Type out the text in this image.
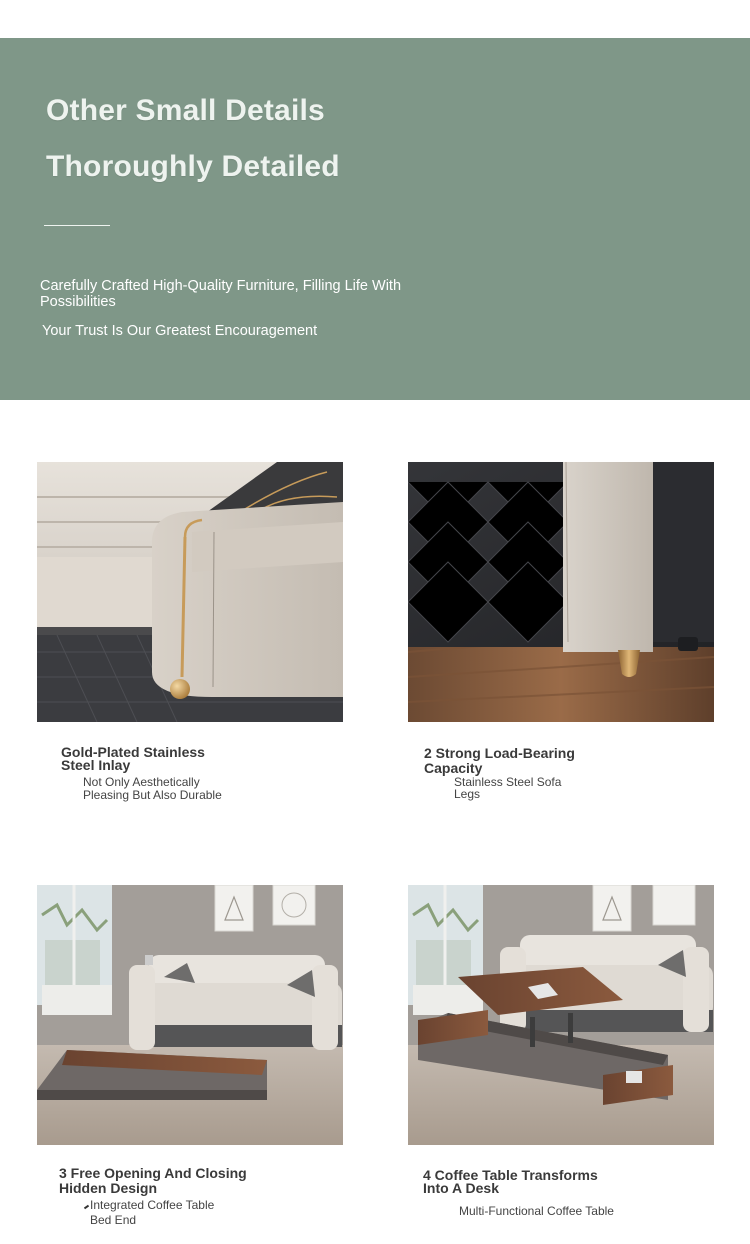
Other Small Details
Thoroughly Detailed
Carefully Crafted High-Quality Furniture, Filling Life With Possibilities
Your Trust Is Our Greatest Encouragement
Gold-Plated Stainless Steel Inlay
Not Only Aesthetically Pleasing But Also Durable
2 Strong Load-Bearing Capacity
Stainless Steel Sofa Legs
3 Free Opening And Closing Hidden Design
Integrated Coffee Table Bed End
4 Coffee Table Transforms Into A Desk
Multi-Functional Coffee Table
